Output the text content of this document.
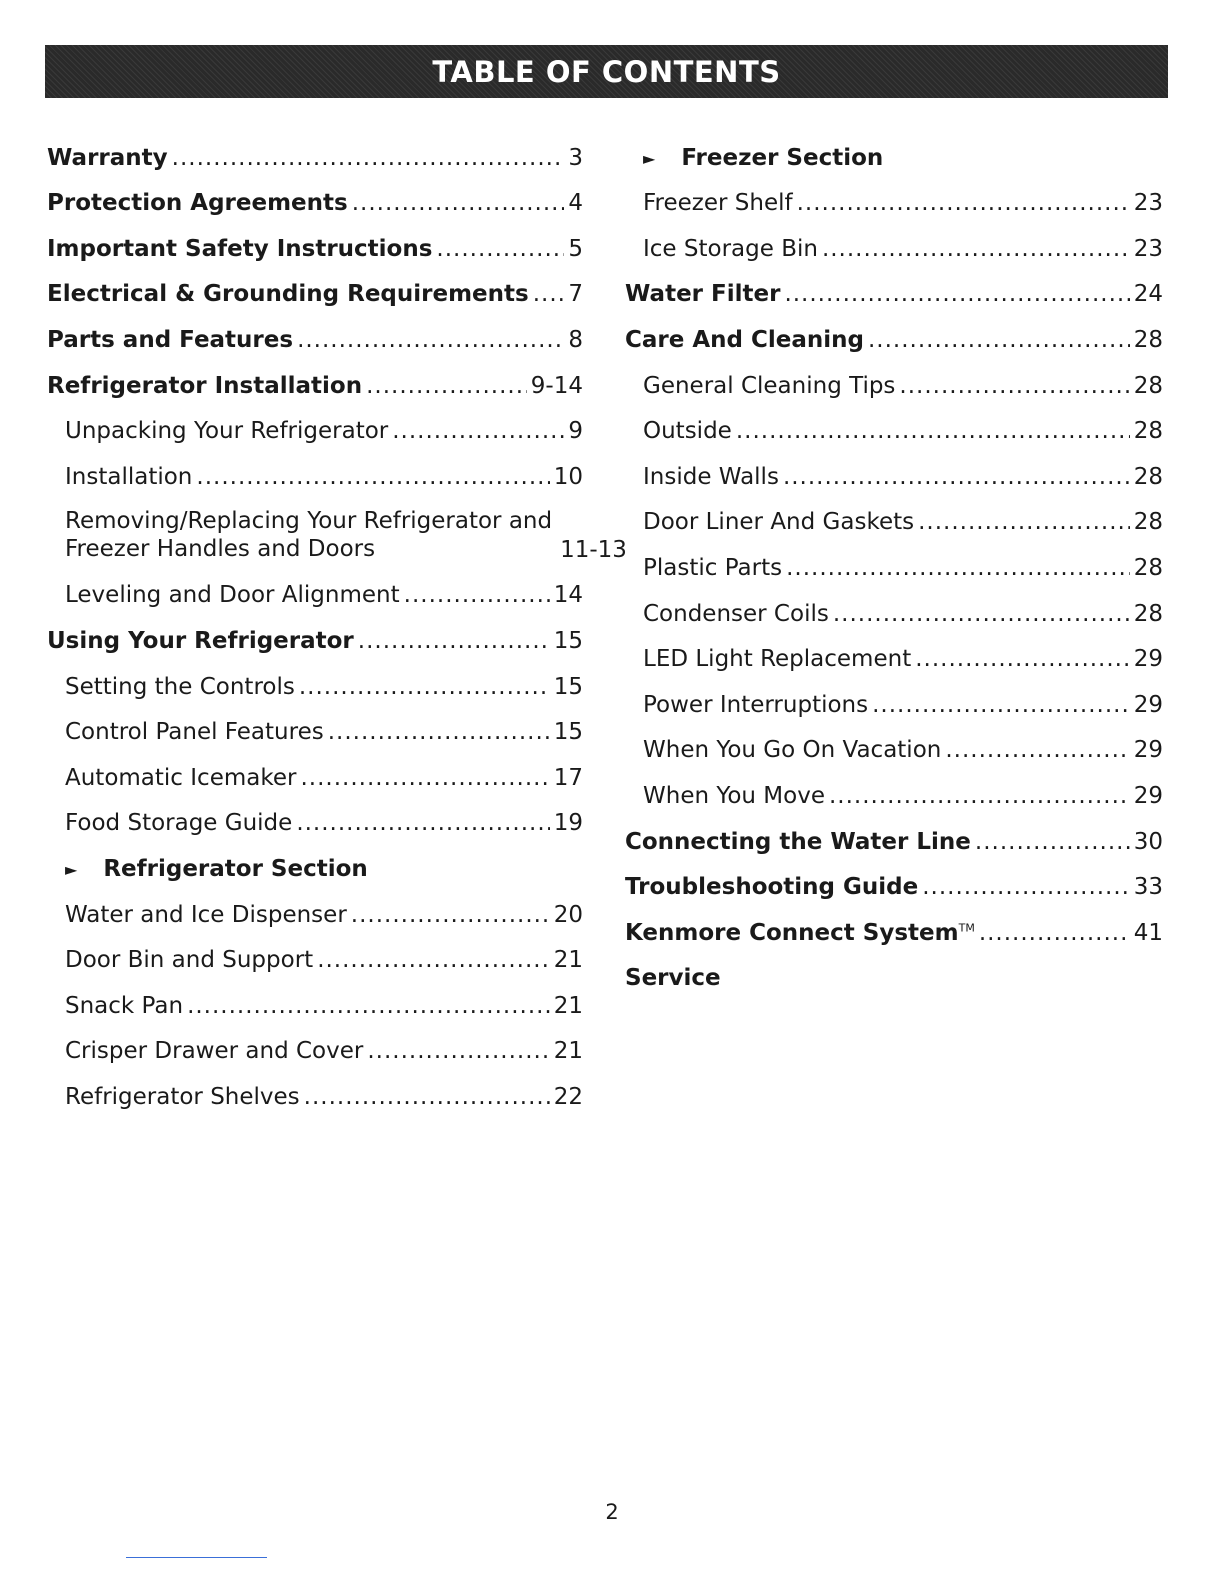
TABLE OF CONTENTS
Warranty .....	3
Protection Agreements .....	4
Important Safety Instructions .....	5
Electrical & Grounding Requirements ..... 7
Parts and Features .....	8
Refrigerator Installation .....	9-14
Unpacking Your Refrigerator .....	9
Installation .....	10
Removing/Replacing Your Refrigerator and
Freezer Handles and Doors	11-13
Leveling and Door Alignment .....	14
Using Your Refrigerator .....	15
Setting the Controls .....	15
Control Panel Features .....	15
Automatic Icemaker .....	17
Food Storage Guide .....	19
► Refrigerator Section
Water and Ice Dispenser .....	20
Door Bin and Support .....	21
Snack Pan .....	21
Crisper Drawer and Cover .....	21
Refrigerator Shelves .....	22
► Freezer Section
Freezer Shelf .....	23
Ice Storage Bin .....	23
Water Filter .....	24
Care And Cleaning .....	28
General Cleaning Tips .....	28
Outside .....	28
Inside Walls .....	28
Door Liner And Gaskets .....	28
Plastic Parts .....	28
Condenser Coils .....	28
LED Light Replacement .....	29
Power Interruptions .....	29
When You Go On Vacation .....	29
When You Move .....	29
Connecting the Water Line .....	30
Troubleshooting Guide .....	33
Kenmore Connect System™ .....	41
Service
2
